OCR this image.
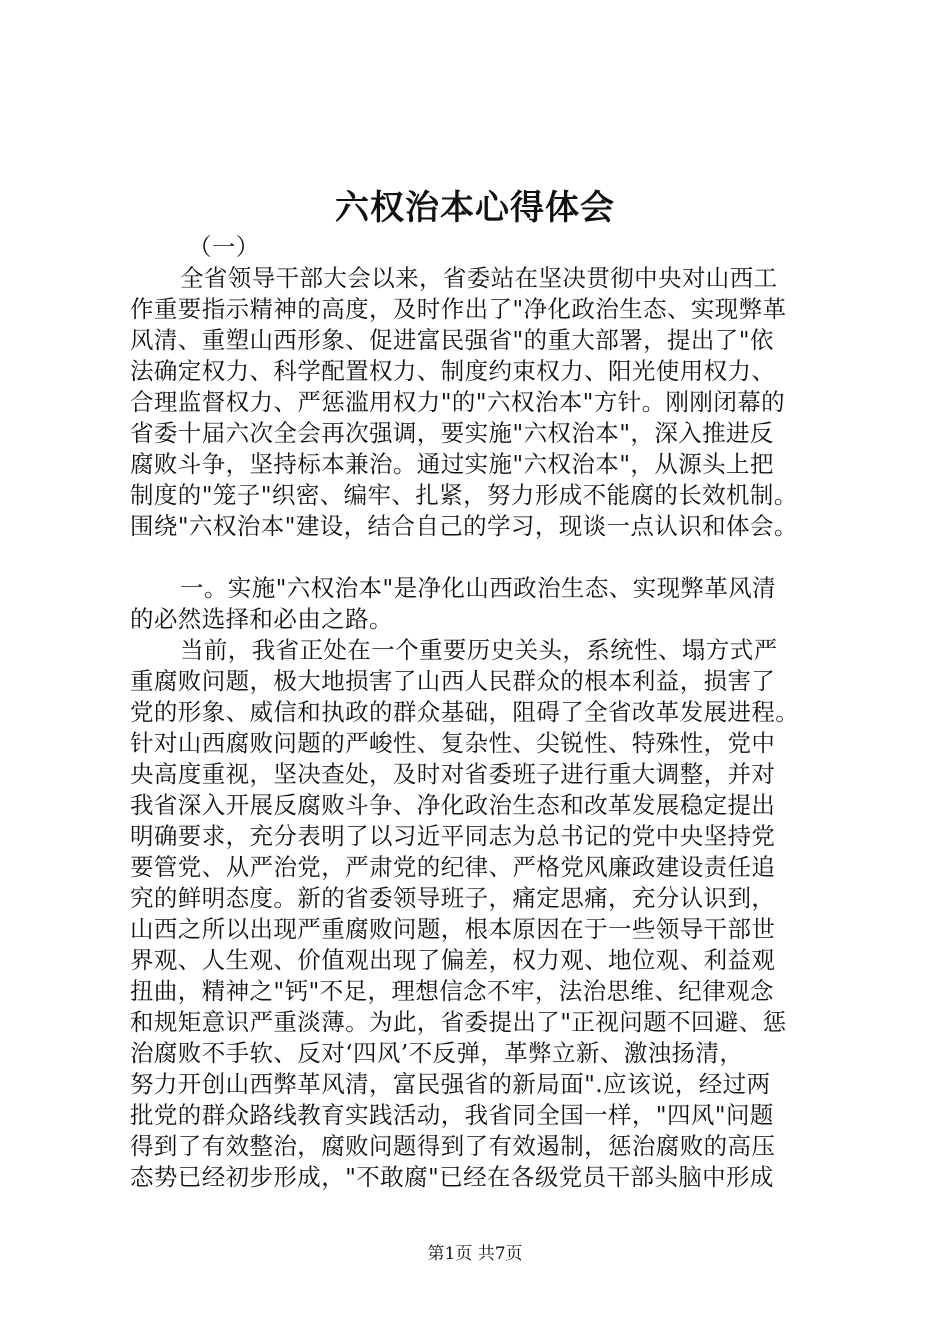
六权治本心得体会
（一）
全省领导干部大会以来，省委站在坚决贯彻中央对山西工
作重要指示精神的高度，及时作出了"净化政治生态、实现弊革
风清、重塑山西形象、促进富民强省"的重大部署，提出了"依
法确定权力、科学配置权力、制度约束权力、阳光使用权力、
合理监督权力、严惩滥用权力"的"六权治本"方针。刚刚闭幕的
省委十届六次全会再次强调，要实施"六权治本"，深入推进反
腐败斗争，坚持标本兼治。通过实施"六权治本"，从源头上把
制度的"笼子"织密、编牢、扎紧，努力形成不能腐的长效机制。
围绕"六权治本"建设，结合自己的学习，现谈一点认识和体会。
一。实施"六权治本"是净化山西政治生态、实现弊革风清
的必然选择和必由之路。
当前，我省正处在一个重要历史关头，系统性、塌方式严
重腐败问题，极大地损害了山西人民群众的根本利益，损害了
党的形象、威信和执政的群众基础，阻碍了全省改革发展进程。
针对山西腐败问题的严峻性、复杂性、尖锐性、特殊性，党中
央高度重视，坚决查处，及时对省委班子进行重大调整，并对
我省深入开展反腐败斗争、净化政治生态和改革发展稳定提出
明确要求，充分表明了以习近平同志为总书记的党中央坚持党
要管党、从严治党，严肃党的纪律、严格党风廉政建设责任追
究的鲜明态度。新的省委领导班子，痛定思痛，充分认识到，
山西之所以出现严重腐败问题，根本原因在于一些领导干部世
界观、人生观、价值观出现了偏差，权力观、地位观、利益观
扭曲，精神之"钙"不足，理想信念不牢，法治思维、纪律观念
和规矩意识严重淡薄。为此，省委提出了"正视问题不回避、惩
治腐败不手软、反对‘四风’不反弹，革弊立新、激浊扬清，
努力开创山西弊革风清，富民强省的新局面".应该说，经过两
批党的群众路线教育实践活动，我省同全国一样，"四风"问题
得到了有效整治，腐败问题得到了有效遏制，惩治腐败的高压
态势已经初步形成，"不敢腐"已经在各级党员干部头脑中形成
第1页 共7页
